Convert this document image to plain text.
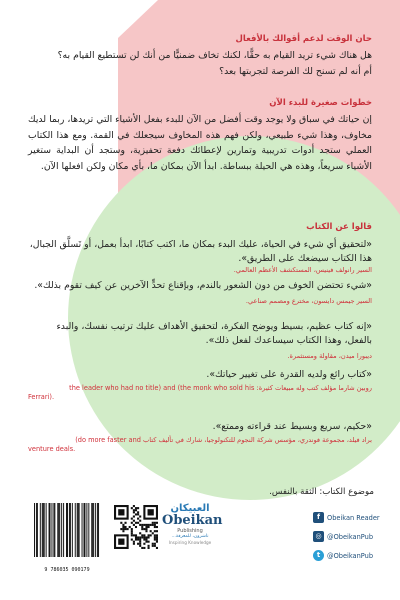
حان الوقت لدعم أقوالك بالأفعال
هل هناك شيء تريد القيام به حقًّا، لكنك تخاف ضمنيًّا من أنك لن تستطيع القيام به؟
أم أنه لم تسنح لك الفرصة لتجربتها بعد؟
خطوات صغيرة للبدء الآن
إن حياتك في سباق ولا يوجد وقت أفضل من الآن للبدء بفعل الأشياء التي تريدها، ربما لديك مخاوف، وهذا شيء طبيعي، ولكن فهم هذه المخاوف سيجعلك في القمة. ومع هذا الكتاب العملي ستجد أدوات تدريبية وتمارين لإعطائك دفعة تحفيزية، وستجد أن البداية ستغير الأشياء سريعاً، وهذه هي الحيلة ببساطة. ابدأ الآن بمكان ما، بأي مكان ولكن افعلها الآن.
قالوا عن الكتاب
«لتحقيق أي شيء في الحياة، عليك البدء بمكان ما، اكتب كتابًا، ابدأ بعمل، أو تَسلَّق الجبال، هذا الكتاب سيضعك على الطريق».
السير رانولف فينيس، المستكشف الأعظم العالمي.
«شيء تحتضن الخوف من دون الشعور بالندم، وبإقناع تحدٍّ الآخرين عن كيف تقوم بذلك».
السير جيمس دايسون، مخترع ومصمم صناعي.
«إنه كتاب عظيم، بسيط ويوضح الفكرة، لتحقيق الأهداف عليك ترتيب نفسك، والبدء بالفعل، وهذا الكتاب سيساعدك لفعل ذلك».
ديبورا ميدن، مقاولة ومستثمرة.
«كتاب رائع ولديه القدرة على تغيير حياتك».
روبين شارما مؤلف كتب وله مبيعات كثيرة: the leader who had no title) and (the monk who sold his
Ferrari).
«حكيم، سريع وبسيط عند قراءته وممتع».
براد فيلد، مجموعة فوندري، مؤسس شركة النجوم للتكنولوجيا، شارك في تأليف كتاب (do more faster and
venture deals.
موضوع الكتاب: الثقة بالنفس.
9 786035 090179
العبيكان
Obeikan
Publishing
ناشرون، للمعرفة...
Inspiring Knowledge
f	Obeikan Reader
◎ @ObeikanPub
t	@ObeikanPub
